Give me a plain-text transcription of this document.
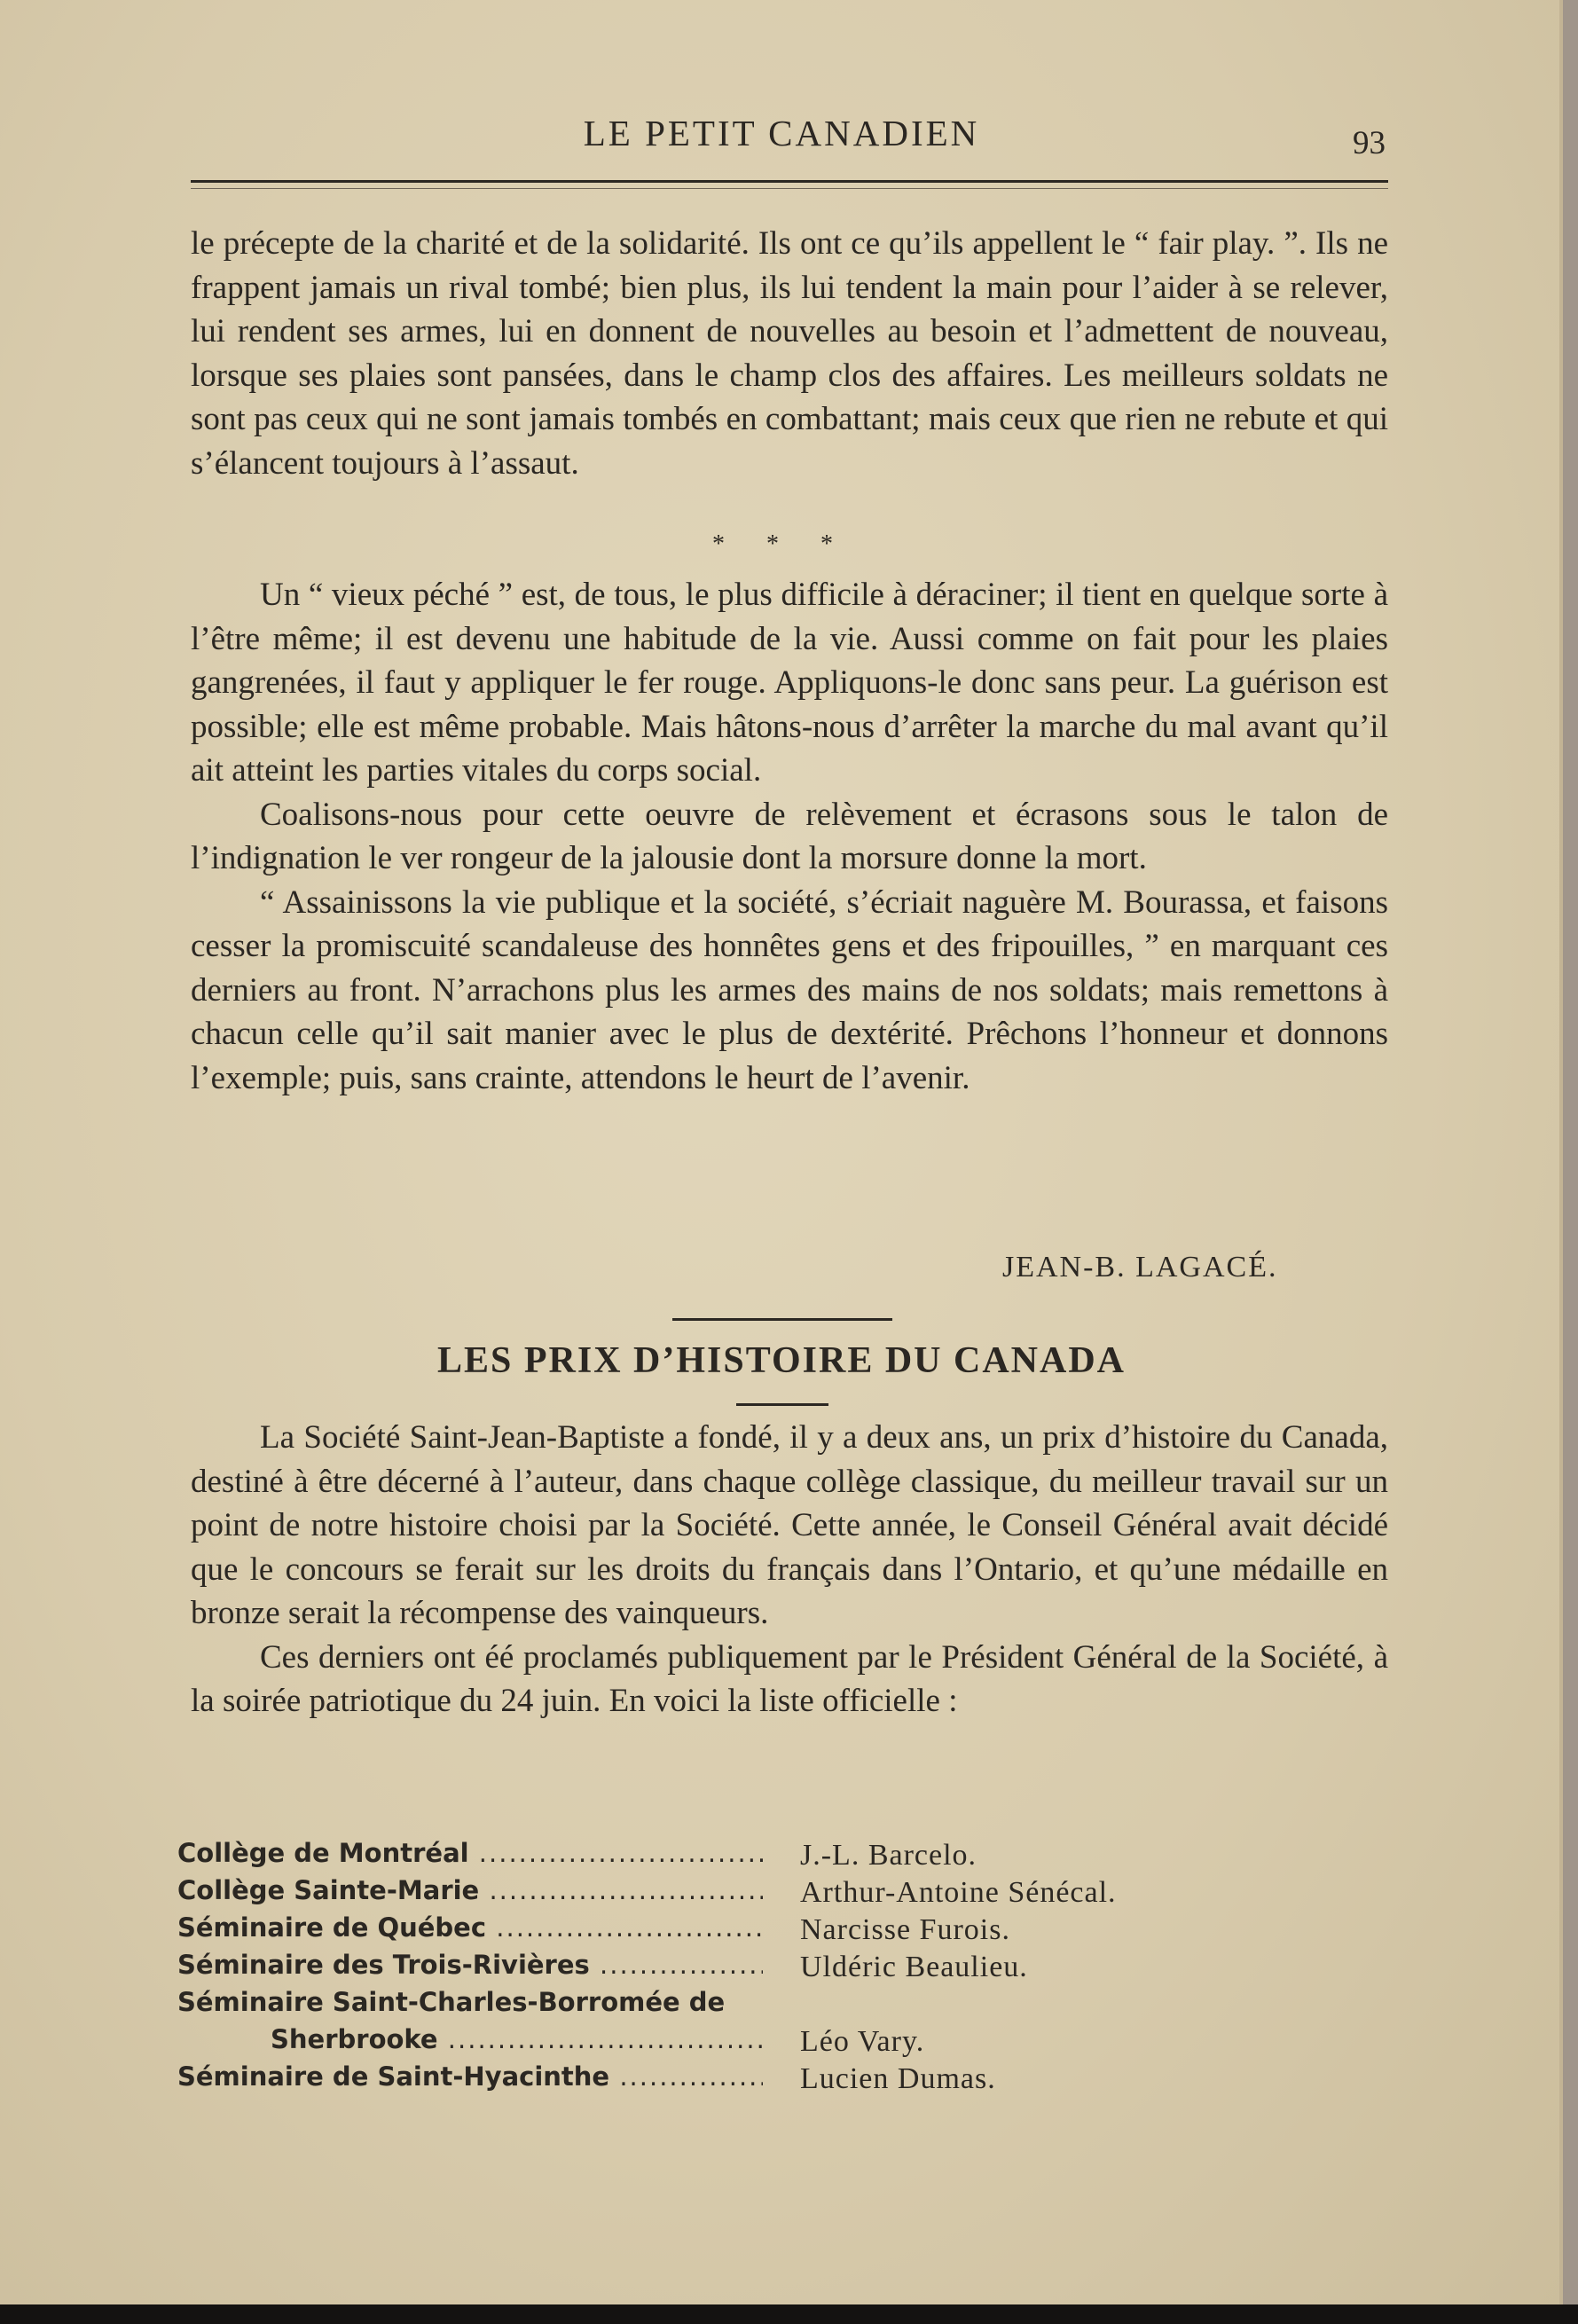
LE PETIT CANADIEN	93

le précepte de la charité et de la solidarité. Ils ont ce qu’ils appellent le “ fair play. ”. Ils ne frappent jamais un rival tombé; bien plus, ils lui tendent la main pour l’aider à se relever, lui rendent ses armes, lui en donnent de nouvelles au besoin et l’admettent de nouveau, lorsque ses plaies sont pansées, dans le champ clos des affaires. Les meilleurs soldats ne sont pas ceux qui ne sont jamais tombés en combattant; mais ceux que rien ne rebute et qui s’élancent toujours à l’assaut.

* * *

Un “ vieux péché ” est, de tous, le plus difficile à déraciner; il tient en quelque sorte à l’être même; il est devenu une habitude de la vie. Aussi comme on fait pour les plaies gangrenées, il faut y appliquer le fer rouge. Appliquons-le donc sans peur. La guérison est possible; elle est même probable. Mais hâtons-nous d’arrêter la marche du mal avant qu’il ait atteint les parties vitales du corps social.

Coalisons-nous pour cette oeuvre de relèvement et écrasons sous le talon de l’indignation le ver rongeur de la jalousie dont la morsure donne la mort.

“ Assainissons la vie publique et la société, s’écriait naguère M. Bourassa, et faisons cesser la promiscuité scandaleuse des honnêtes gens et des fripouilles, ” en marquant ces derniers au front. N’arrachons plus les armes des mains de nos soldats; mais remettons à chacun celle qu’il sait manier avec le plus de dextérité. Prêchons l’honneur et donnons l’exemple; puis, sans crainte, attendons le heurt de l’avenir.

JEAN-B. LAGACÉ.
LES PRIX D’HISTOIRE DU CANADA

La Société Saint-Jean-Baptiste a fondé, il y a deux ans, un prix d’histoire du Canada, destiné à être décerné à l’auteur, dans chaque collège classique, du meilleur travail sur un point de notre histoire choisi par la Société. Cette année, le Conseil Général avait décidé que le concours se ferait sur les droits du français dans l’Ontario, et qu’une médaille en bronze serait la récompense des vainqueurs.

Ces derniers ont éé proclamés publiquement par le Président Général de la Société, à la soirée patriotique du 24 juin. En voici la liste officielle :

Collège de Montréal .....	J.-L. Barcelo.
Collège Sainte-Marie .....	Arthur-Antoine Sénécal.
Séminaire de Québec .....	Narcisse Furois.
Séminaire des Trois-Rivières .....	Uldéric Beaulieu.
Séminaire Saint-Charles-Borromée de
Sherbrooke .....	Léo Vary.
Séminaire de Saint-Hyacinthe .....	Lucien Dumas.
